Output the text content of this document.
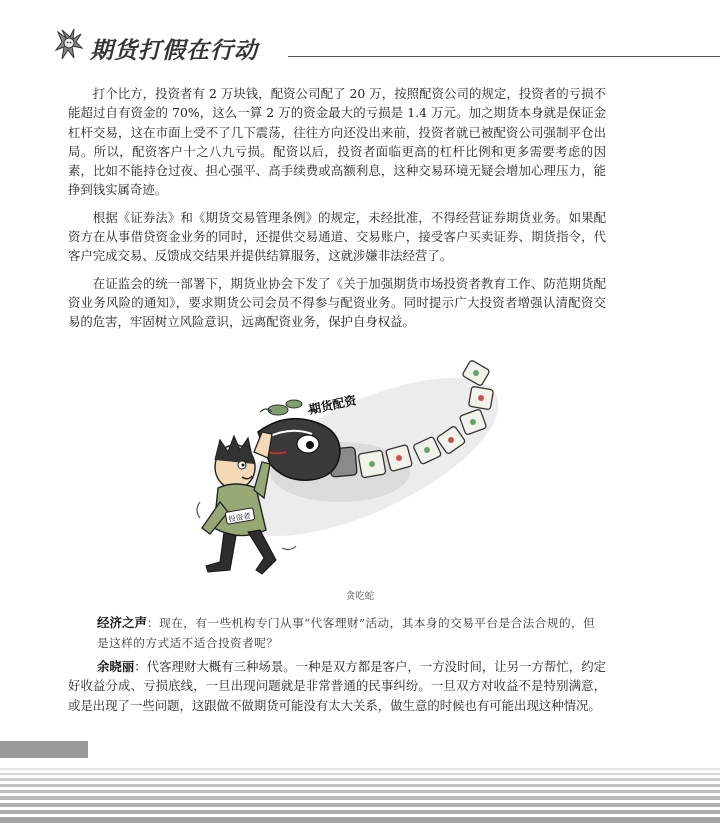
期货打假在行动

打个比方，投资者有 2 万块钱，配资公司配了 20 万，按照配资公司的规定，投资者的亏损不能超过自有资金的 70%，这么一算 2 万的资金最大的亏损是 1.4 万元。加之期货本身就是保证金杠杆交易，这在市面上受不了几下震荡，往往方向还没出来前，投资者就已被配资公司强制平仓出局。所以，配资客户十之八九亏损。配资以后，投资者面临更高的杠杆比例和更多需要考虑的因素，比如不能持仓过夜、担心强平、高手续费或高额利息，这种交易环境无疑会增加心理压力，能挣到钱实属奇迹。

根据《证券法》和《期货交易管理条例》的规定，未经批准，不得经营证券期货业务。如果配资方在从事借贷资金业务的同时，还提供交易通道、交易账户，接受客户买卖证券、期货指令，代客户完成交易、反馈成交结果并提供结算服务，这就涉嫌非法经营了。

在证监会的统一部署下，期货业协会下发了《关于加强期货市场投资者教育工作、防范期货配资业务风险的通知》，要求期货公司会员不得参与配资业务。同时提示广大投资者增强认清配资交易的危害，牢固树立风险意识，远离配资业务，保护自身权益。

期货配资
投资者
贪吃蛇

经济之声：现在，有一些机构专门从事“代客理财”活动，其本身的交易平台是合法合规的，但是这样的方式适不适合投资者呢？

余晓丽：代客理财大概有三种场景。一种是双方都是客户，一方没时间，让另一方帮忙，约定好收益分成、亏损底线，一旦出现问题就是非常普通的民事纠纷。一旦双方对收益不是特别满意，或是出现了一些问题，这跟做不做期货可能没有太大关系，做生意的时候也有可能出现这种情况。
